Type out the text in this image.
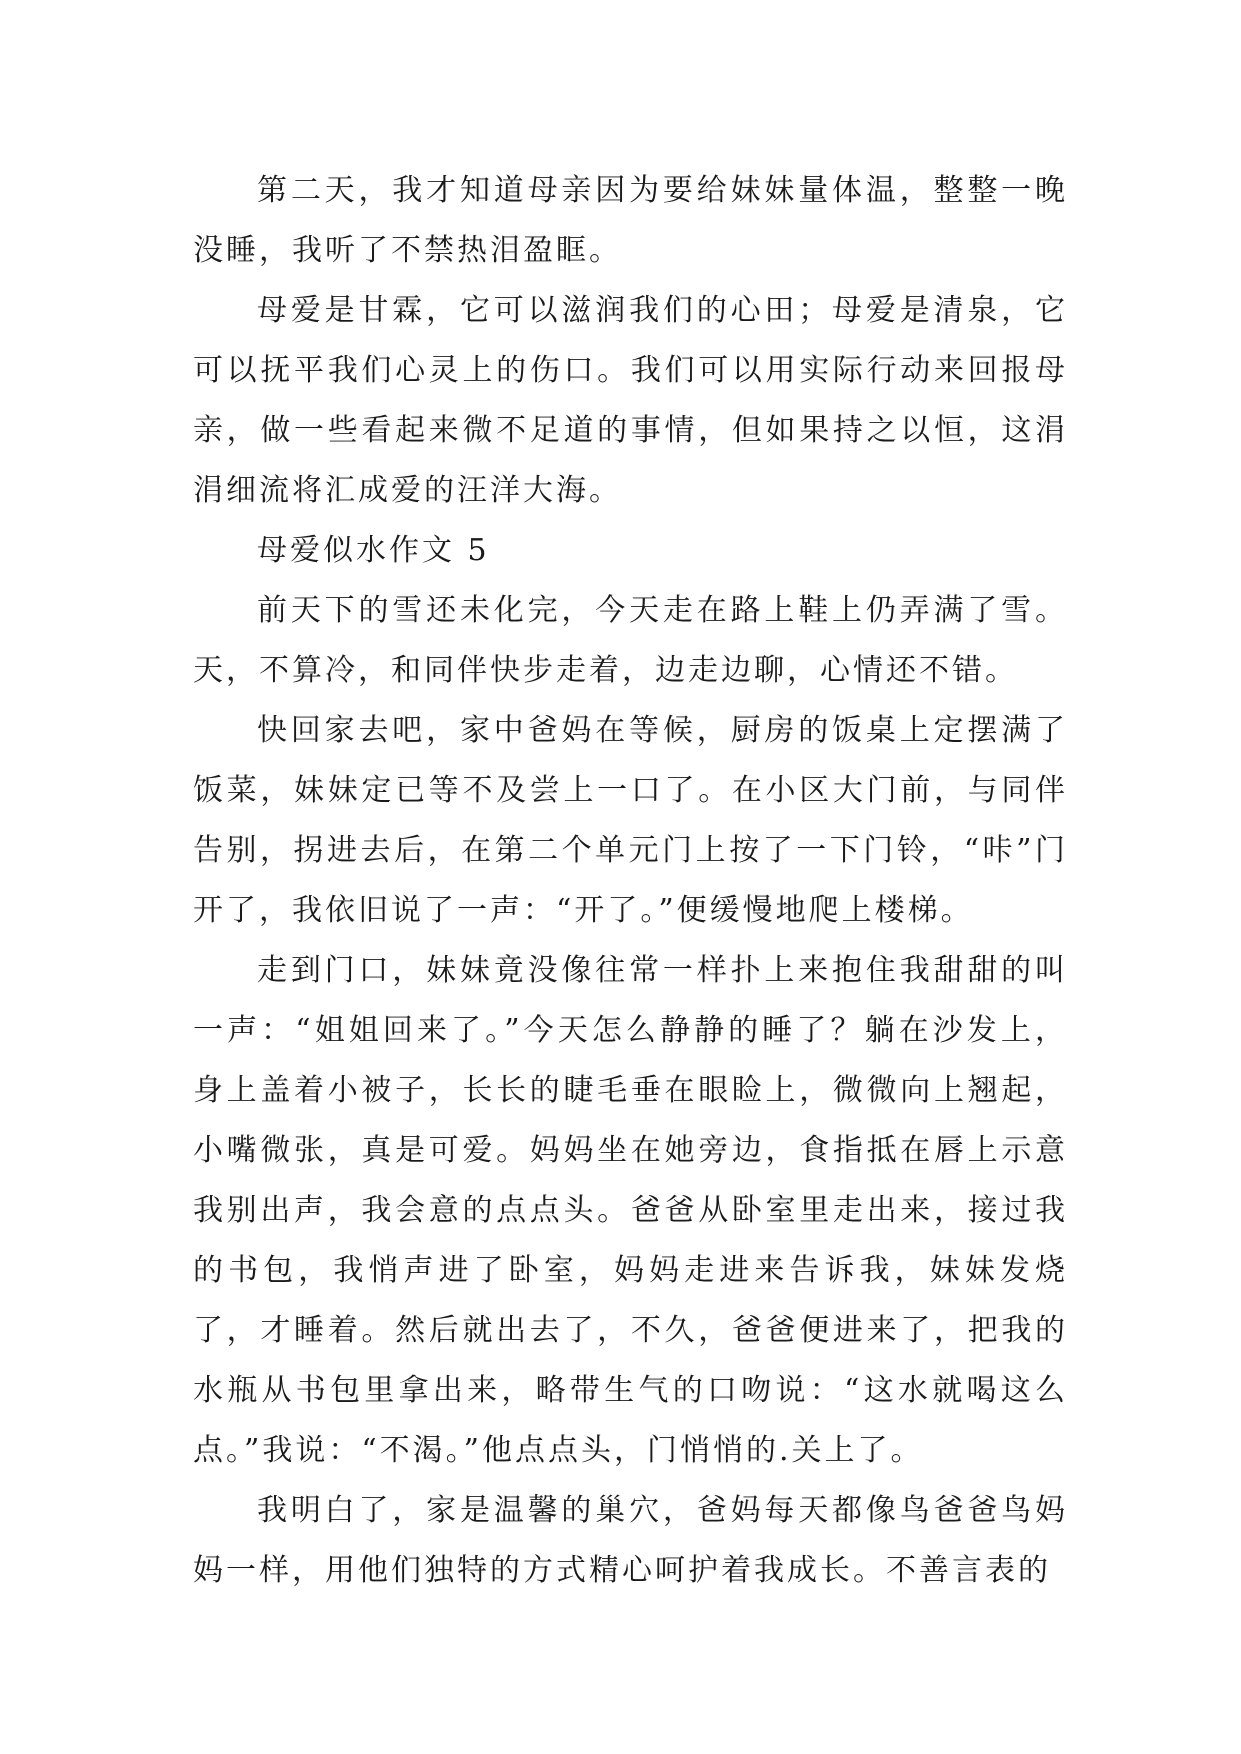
第二天，我才知道母亲因为要给妹妹量体温，整整一晚没睡，我听了不禁热泪盈眶。

母爱是甘霖，它可以滋润我们的心田；母爱是清泉，它可以抚平我们心灵上的伤口。我们可以用实际行动来回报母亲，做一些看起来微不足道的事情，但如果持之以恒，这涓涓细流将汇成爱的汪洋大海。

母爱似水作文 5

前天下的雪还未化完，今天走在路上鞋上仍弄满了雪。天，不算冷，和同伴快步走着，边走边聊，心情还不错。

快回家去吧，家中爸妈在等候，厨房的饭桌上定摆满了饭菜，妹妹定已等不及尝上一口了。在小区大门前，与同伴告别，拐进去后，在第二个单元门上按了一下门铃，“咔”门开了，我依旧说了一声：“开了。”便缓慢地爬上楼梯。

走到门口，妹妹竟没像往常一样扑上来抱住我甜甜的叫一声：“姐姐回来了。”今天怎么静静的睡了？躺在沙发上，身上盖着小被子，长长的睫毛垂在眼睑上，微微向上翘起，小嘴微张，真是可爱。妈妈坐在她旁边，食指抵在唇上示意我别出声，我会意的点点头。爸爸从卧室里走出来，接过我的书包，我悄声进了卧室，妈妈走进来告诉我，妹妹发烧了，才睡着。然后就出去了，不久，爸爸便进来了，把我的水瓶从书包里拿出来，略带生气的口吻说：“这水就喝这么点。”我说：“不渴。”他点点头，门悄悄的.关上了。

我明白了，家是温馨的巢穴，爸妈每天都像鸟爸爸鸟妈妈一样，用他们独特的方式精心呵护着我成长。不善言表的
